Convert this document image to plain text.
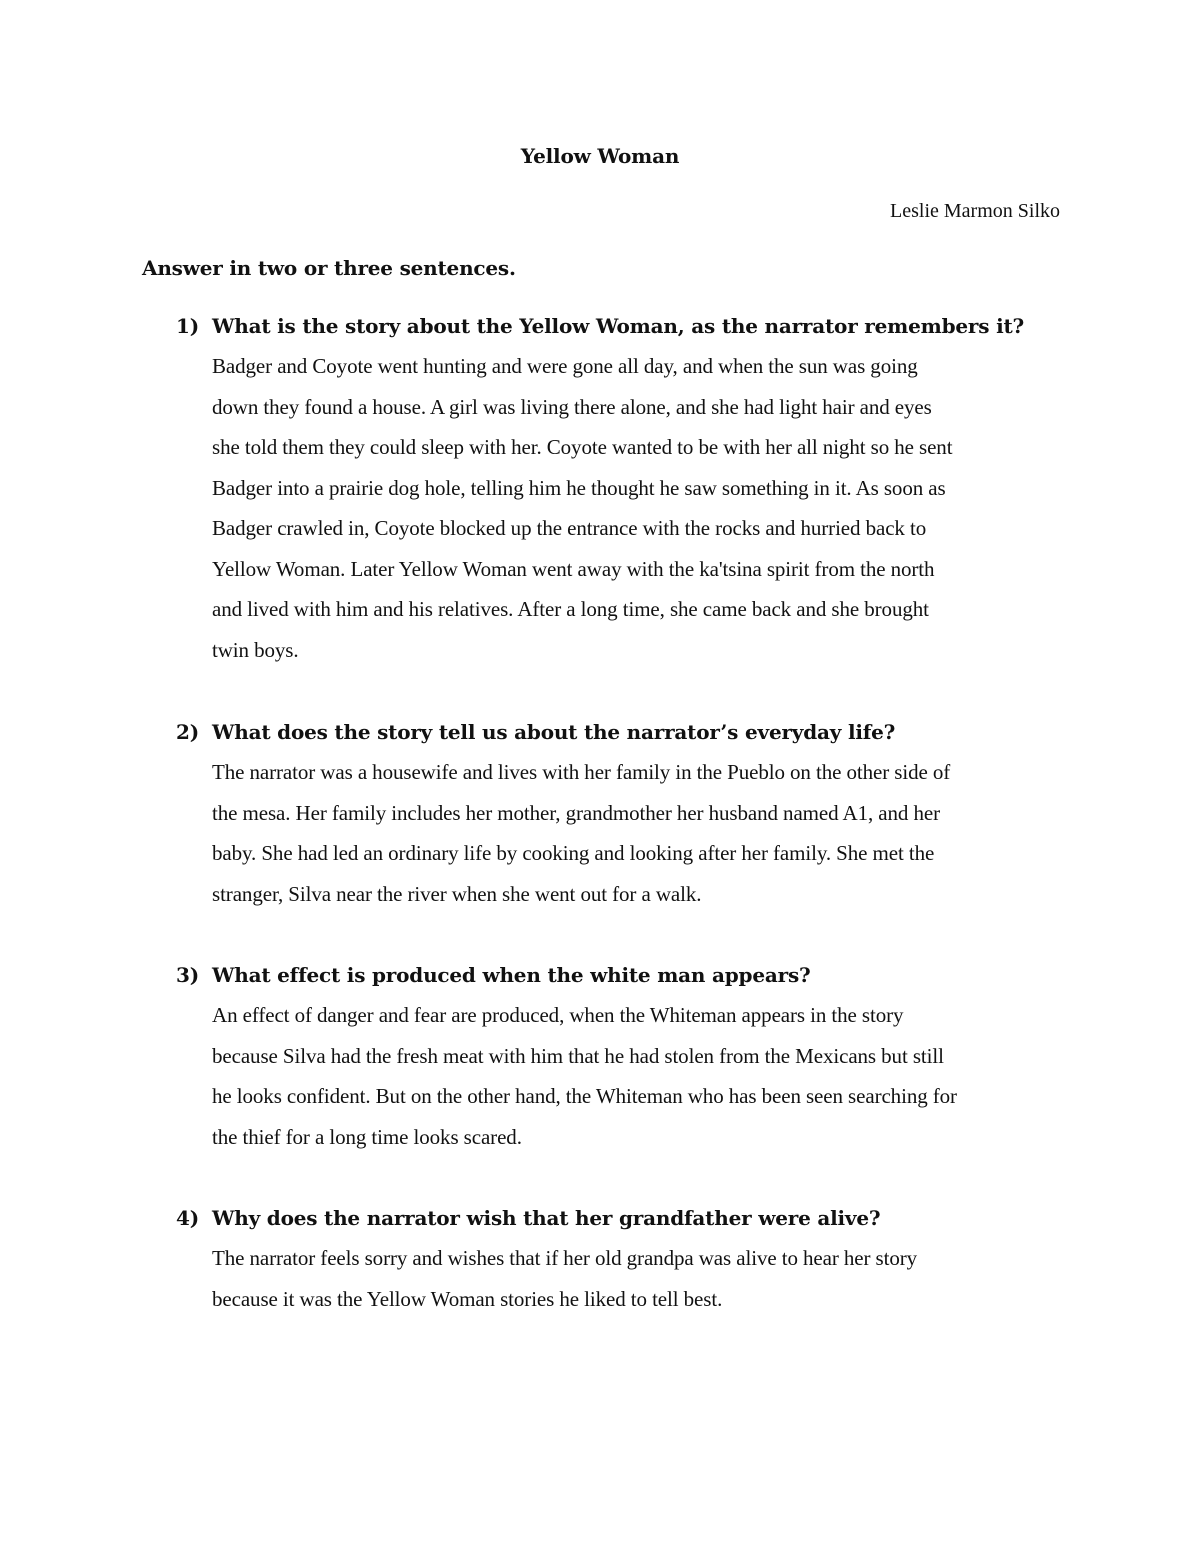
Yellow Woman
Leslie Marmon Silko
Answer in two or three sentences.
1) What is the story about the Yellow Woman, as the narrator remembers it?

Badger and Coyote went hunting and were gone all day, and when the sun was going
down they found a house. A girl was living there alone, and she had light hair and eyes
she told them they could sleep with her. Coyote wanted to be with her all night so he sent
Badger into a prairie dog hole, telling him he thought he saw something in it. As soon as
Badger crawled in, Coyote blocked up the entrance with the rocks and hurried back to
Yellow Woman. Later Yellow Woman went away with the ka'tsina spirit from the north
and lived with him and his relatives. After a long time, she came back and she brought
twin boys.

2) What does the story tell us about the narrator’s everyday life?

The narrator was a housewife and lives with her family in the Pueblo on the other side of
the mesa. Her family includes her mother, grandmother her husband named A1, and her
baby. She had led an ordinary life by cooking and looking after her family. She met the
stranger, Silva near the river when she went out for a walk.

3) What effect is produced when the white man appears?

An effect of danger and fear are produced, when the Whiteman appears in the story
because Silva had the fresh meat with him that he had stolen from the Mexicans but still
he looks confident. But on the other hand, the Whiteman who has been seen searching for
the thief for a long time looks scared.

4) Why does the narrator wish that her grandfather were alive?

The narrator feels sorry and wishes that if her old grandpa was alive to hear her story
because it was the Yellow Woman stories he liked to tell best.
